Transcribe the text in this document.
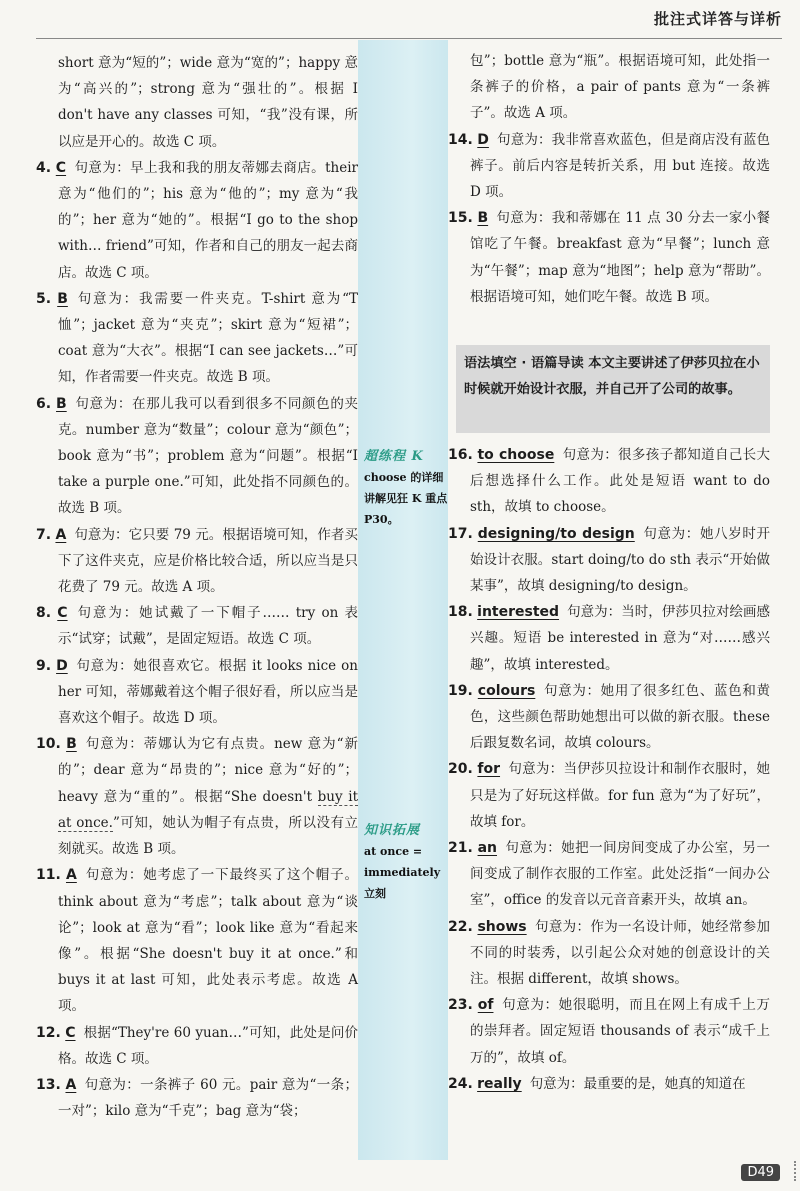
批注式详答与详析

short 意为“短的”；wide 意为“宽的”；happy 意为“高兴的”；strong 意为“强壮的”。根据 I don't have any classes 可知，“我”没有课，所以应是开心的。故选 C 项。

4. C 句意为：早上我和我的朋友蒂娜去商店。their 意为“他们的”；his 意为“他的”；my 意为“我的”；her 意为“她的”。根据“I go to the shop with… friend”可知，作者和自己的朋友一起去商店。故选 C 项。

5. B 句意为：我需要一件夹克。T-shirt 意为“T恤”；jacket 意为“夹克”；skirt 意为“短裙”；coat 意为“大衣”。根据“I can see jackets…”可知，作者需要一件夹克。故选 B 项。

6. B 句意为：在那儿我可以看到很多不同颜色的夹克。number 意为“数量”；colour 意为“颜色”；book 意为“书”；problem 意为“问题”。根据“I take a purple one.”可知，此处指不同颜色的。故选 B 项。

7. A 句意为：它只要 79 元。根据语境可知，作者买下了这件夹克，应是价格比较合适，所以应当是只花费了 79 元。故选 A 项。

8. C 句意为：她试戴了一下帽子…… try on 表示“试穿；试戴”，是固定短语。故选 C 项。

9. D 句意为：她很喜欢它。根据 it looks nice on her 可知，蒂娜戴着这个帽子很好看，所以应当是喜欢这个帽子。故选 D 项。

10. B 句意为：蒂娜认为它有点贵。new 意为“新的”；dear 意为“昂贵的”；nice 意为“好的”；heavy 意为“重的”。根据“She doesn't buy it at once.”可知，她认为帽子有点贵，所以没有立刻就买。故选 B 项。

11. A 句意为：她考虑了一下最终买了这个帽子。think about 意为“考虑”；talk about 意为“谈论”；look at 意为“看”；look like 意为“看起来像”。根据“She doesn't buy it at once.”和 buys it at last 可知，此处表示考虑。故选 A 项。

12. C 根据“They're 60 yuan…”可知，此处是问价格。故选 C 项。

13. A 句意为：一条裤子 60 元。pair 意为“一条；一对”；kilo 意为“千克”；bag 意为“袋；

超练程 K
choose 的详细讲解见狂 K 重点 P30。
知识拓展
at once = immediately 立刻

包”；bottle 意为“瓶”。根据语境可知，此处指一条裤子的价格，a pair of pants 意为“一条裤子”。故选 A 项。

14. D 句意为：我非常喜欢蓝色，但是商店没有蓝色裤子。前后内容是转折关系，用 but 连接。故选 D 项。

15. B 句意为：我和蒂娜在 11 点 30 分去一家小餐馆吃了午餐。breakfast 意为“早餐”；lunch 意为“午餐”；map 意为“地图”；help 意为“帮助”。根据语境可知，她们吃午餐。故选 B 项。

语法填空 · 语篇导读 本文主要讲述了伊莎贝拉在小时候就开始设计衣服，并自己开了公司的故事。

16. to choose 句意为：很多孩子都知道自己长大后想选择什么工作。此处是短语 want to do sth，故填 to choose。

17. designing/to design 句意为：她八岁时开始设计衣服。start doing/to do sth 表示“开始做某事”，故填 designing/to design。

18. interested 句意为：当时，伊莎贝拉对绘画感兴趣。短语 be interested in 意为“对……感兴趣”，故填 interested。

19. colours 句意为：她用了很多红色、蓝色和黄色，这些颜色帮助她想出可以做的新衣服。these 后跟复数名词，故填 colours。

20. for 句意为：当伊莎贝拉设计和制作衣服时，她只是为了好玩这样做。for fun 意为“为了好玩”，故填 for。

21. an 句意为：她把一间房间变成了办公室，另一间变成了制作衣服的工作室。此处泛指“一间办公室”，office 的发音以元音音素开头，故填 an。

22. shows 句意为：作为一名设计师，她经常参加不同的时装秀，以引起公众对她的创意设计的关注。根据 different，故填 shows。

23. of 句意为：她很聪明，而且在网上有成千上万的崇拜者。固定短语 thousands of 表示“成千上万的”，故填 of。

24. really 句意为：最重要的是，她真的知道在

D49
